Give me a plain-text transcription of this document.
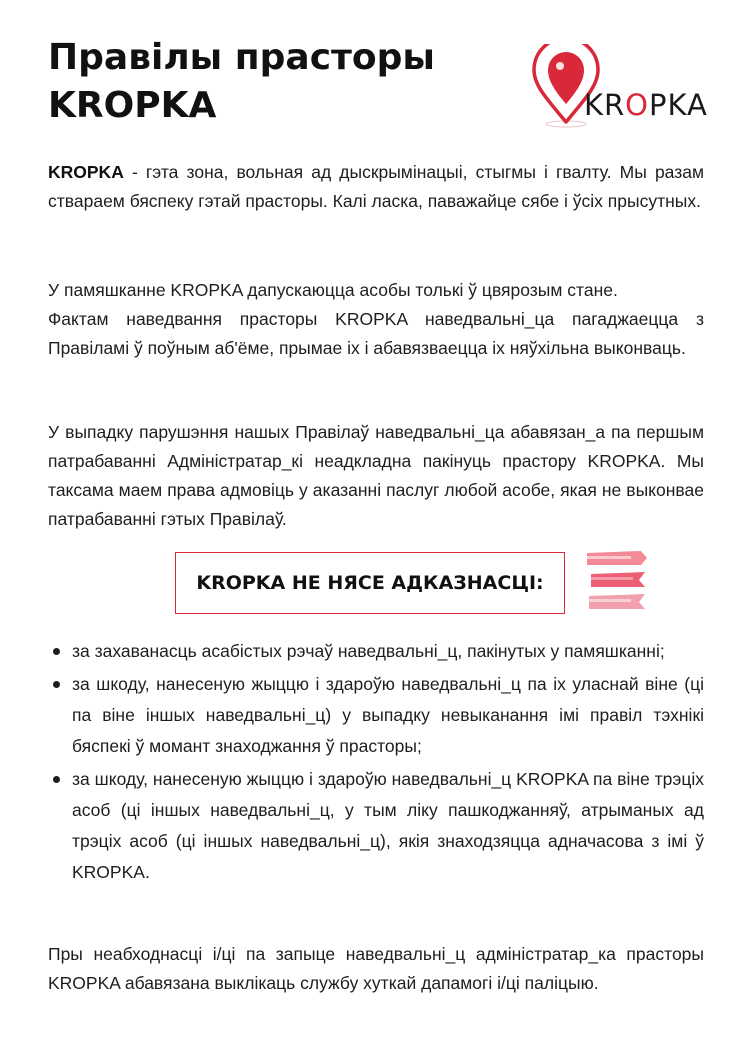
Правілы прасторы
KROPKA	KROPKA

KROPKA - гэта зона, вольная ад дыскрымінацыі, стыгмы і гвалту. Мы разам ствараем бяспеку гэтай прасторы. Калі ласка, паважайце сябе і ўсіх прысутных.

У памяшканне KROPKA дапускаюцца асобы толькі ў цвярозым стане.
Фактам наведвання прасторы KROPKA наведвальні_ца пагаджаецца з Правіламі ў поўным аб'ёме, прымае іх і абавязваецца іх няўхільна выконваць.

У выпадку парушэння нашых Правілаў наведвальні_ца абавязан_а па першым патрабаванні Адміністратар_кі неадкладна пакінуць прастору KROPKA. Мы таксама маем права адмовіць у аказанні паслуг любой асобе, якая не выконвае патрабаванні гэтых Правілаў.

KROPKA НЕ НЯСЕ АДКАЗНАСЦІ:
за захаванасць асабістых рэчаў наведвальні_ц, пакінутых у памяшканні;
за шкоду, нанесеную жыццю і здароўю наведвальні_ц па іх уласнай віне (ці па віне іншых наведвальні_ц) у выпадку невыканання імі правіл тэхнікі бяспекі ў момант знаходжання ў прасторы;
за шкоду, нанесеную жыццю і здароўю наведвальні_ц KROPKA па віне трэціх асоб (ці іншых наведвальні_ц, у тым ліку пашкоджанняў, атрыманых ад трэціх асоб (ці іншых наведвальні_ц), якія знаходзяцца адначасова з імі ў KROPKA.

Пры неабходнасці і/ці па запыце наведвальні_ц адміністратар_ка прасторы KROPKA абавязана выклікаць службу хуткай дапамогі і/ці паліцыю.
